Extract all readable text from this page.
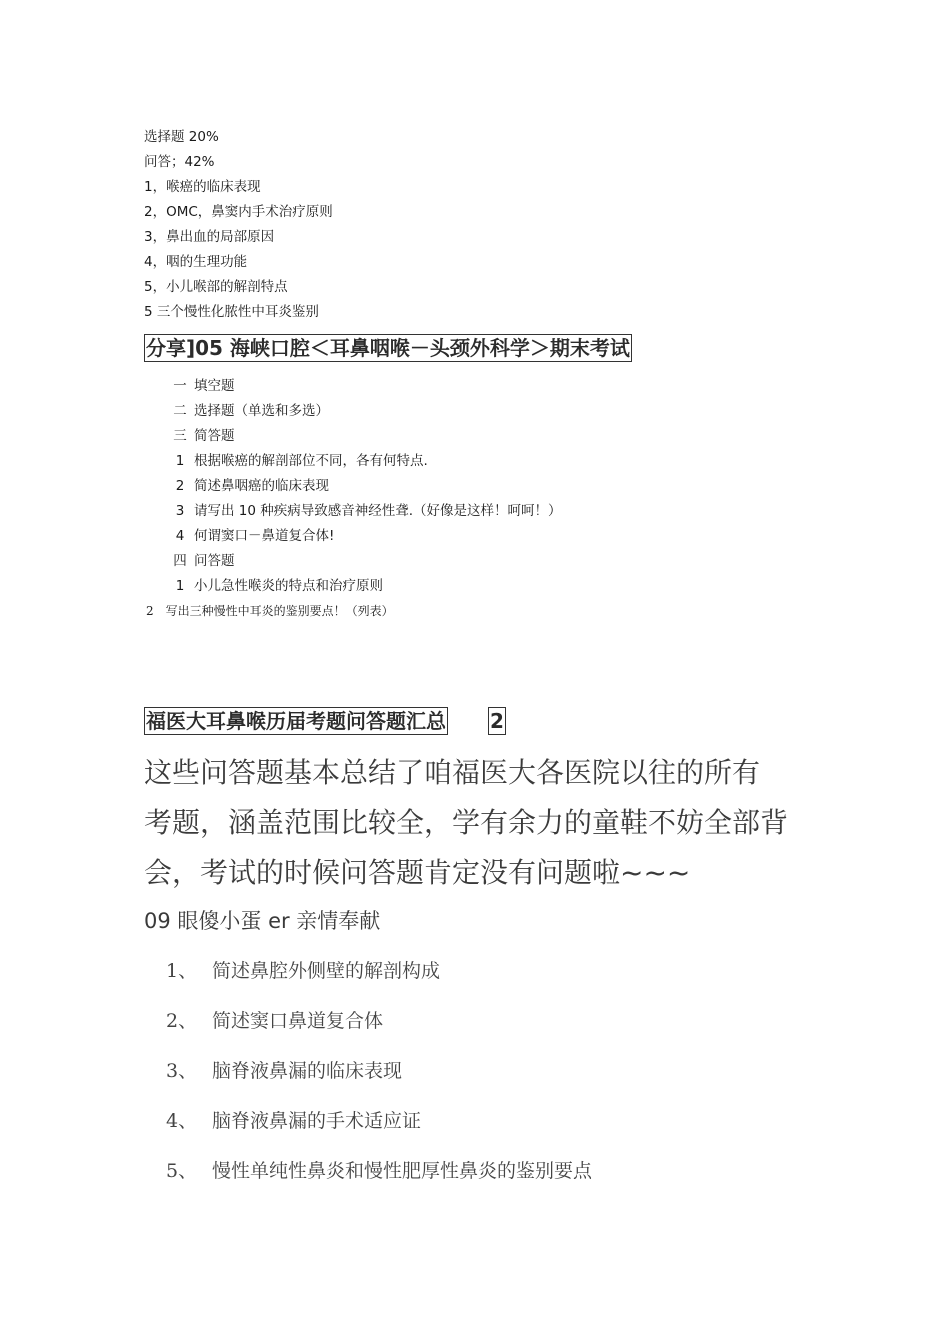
选择题 20%
问答；42%
1，喉癌的临床表现
2，OMC，鼻窦内手术治疗原则
3，鼻出血的局部原因
4，咽的生理功能
5，小儿喉部的解剖特点
5 三个慢性化脓性中耳炎鉴别
分享]05 海峡口腔＜耳鼻咽喉－头颈外科学＞期末考试
一 填空题
二 选择题（单选和多选）
三 简答题
1 根据喉癌的解剖部位不同，各有何特点.
2 简述鼻咽癌的临床表现
3 请写出 10 种疾病导致感音神经性聋.（好像是这样！呵呵！）
4 何谓窦口－鼻道复合体!
四 问答题
1 小儿急性喉炎的特点和治疗原则
2　写出三种慢性中耳炎的鉴别要点！（列表）
福医大耳鼻喉历届考题问答题汇总 2
这些问答题基本总结了咱福医大各医院以往的所有
考题，涵盖范围比较全，学有余力的童鞋不妨全部背
会，考试的时候问答题肯定没有问题啦~~~
09 眼傻小蛋 er 亲情奉献
1、 简述鼻腔外侧壁的解剖构成
2、 简述窦口鼻道复合体
3、 脑脊液鼻漏的临床表现
4、 脑脊液鼻漏的手术适应证
5、 慢性单纯性鼻炎和慢性肥厚性鼻炎的鉴别要点
